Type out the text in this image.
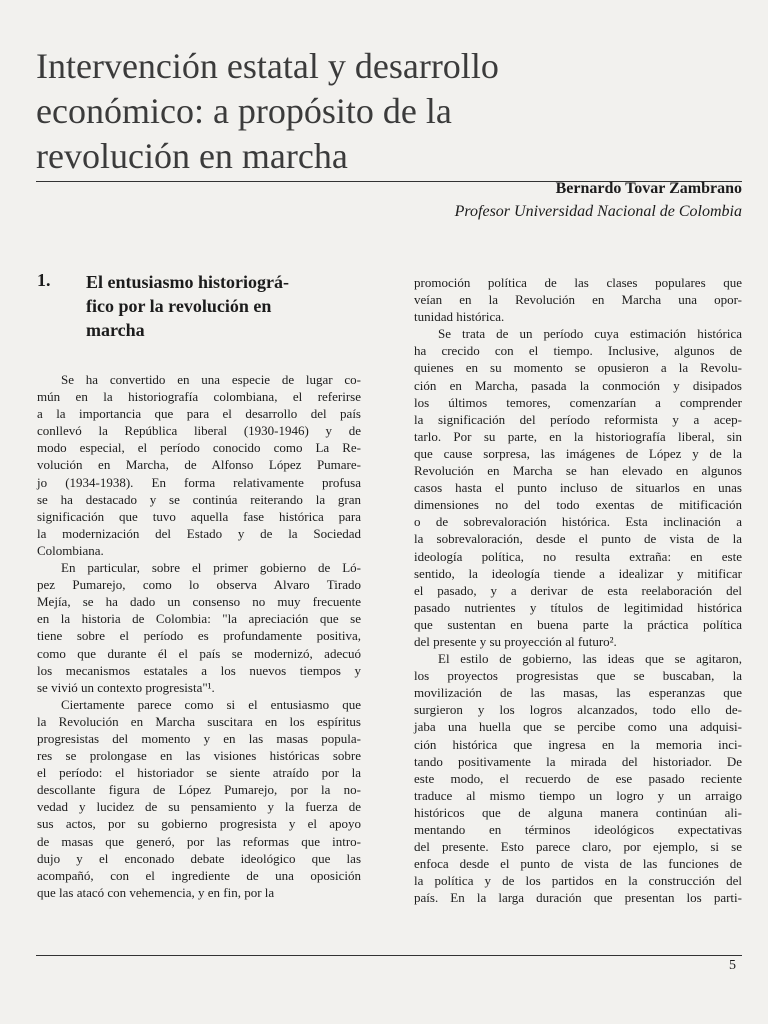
Intervención estatal y desarrollo
económico: a propósito de la
revolución en marcha
Bernardo Tovar Zambrano
Profesor Universidad Nacional de Colombia
1. El entusiasmo historiográ-
fico por la revolución en
marcha
Se ha convertido en una especie de lugar co-
mún en la historiografía colombiana, el referirse
a la importancia que para el desarrollo del país
conllevó la República liberal (1930-1946) y de
modo especial, el período conocido como La Re-
volución en Marcha, de Alfonso López Pumare-
jo (1934-1938). En forma relativamente profusa
se ha destacado y se continúa reiterando la gran
significación que tuvo aquella fase histórica para
la modernización del Estado y de la Sociedad
Colombiana.
En particular, sobre el primer gobierno de Ló-
pez Pumarejo, como lo observa Alvaro Tirado
Mejía, se ha dado un consenso no muy frecuente
en la historia de Colombia: "la apreciación que se
tiene sobre el período es profundamente positiva,
como que durante él el país se modernizó, adecuó
los mecanismos estatales a los nuevos tiempos y
se vivió un contexto progresista"¹.
Ciertamente parece como si el entusiasmo que
la Revolución en Marcha suscitara en los espíritus
progresistas del momento y en las masas popula-
res se prolongase en las visiones históricas sobre
el período: el historiador se siente atraído por la
descollante figura de López Pumarejo, por la no-
vedad y lucidez de su pensamiento y la fuerza de
sus actos, por su gobierno progresista y el apoyo
de masas que generó, por las reformas que intro-
dujo y el enconado debate ideológico que las
acompañó, con el ingrediente de una oposición
que las atacó con vehemencia, y en fin, por la
promoción política de las clases populares que
veían en la Revolución en Marcha una opor-
tunidad histórica.
Se trata de un período cuya estimación histórica
ha crecido con el tiempo. Inclusive, algunos de
quienes en su momento se opusieron a la Revolu-
ción en Marcha, pasada la conmoción y disipados
los últimos temores, comenzarían a comprender
la significación del período reformista y a acep-
tarlo. Por su parte, en la historiografía liberal, sin
que cause sorpresa, las imágenes de López y de la
Revolución en Marcha se han elevado en algunos
casos hasta el punto incluso de situarlos en unas
dimensiones no del todo exentas de mitificación
o de sobrevaloración histórica. Esta inclinación a
la sobrevaloración, desde el punto de vista de la
ideología política, no resulta extraña: en este
sentido, la ideología tiende a idealizar y mitificar
el pasado, y a derivar de esta reelaboración del
pasado nutrientes y títulos de legitimidad histórica
que sustentan en buena parte la práctica política
del presente y su proyección al futuro².
El estilo de gobierno, las ideas que se agitaron,
los proyectos progresistas que se buscaban, la
movilización de las masas, las esperanzas que
surgieron y los logros alcanzados, todo ello de-
jaba una huella que se percibe como una adquisi-
ción histórica que ingresa en la memoria inci-
tando positivamente la mirada del historiador. De
este modo, el recuerdo de ese pasado reciente
traduce al mismo tiempo un logro y un arraigo
históricos que de alguna manera continúan ali-
mentando en términos ideológicos expectativas
del presente. Esto parece claro, por ejemplo, si se
enfoca desde el punto de vista de las funciones de
la política y de los partidos en la construcción del
país. En la larga duración que presentan los parti-
5
